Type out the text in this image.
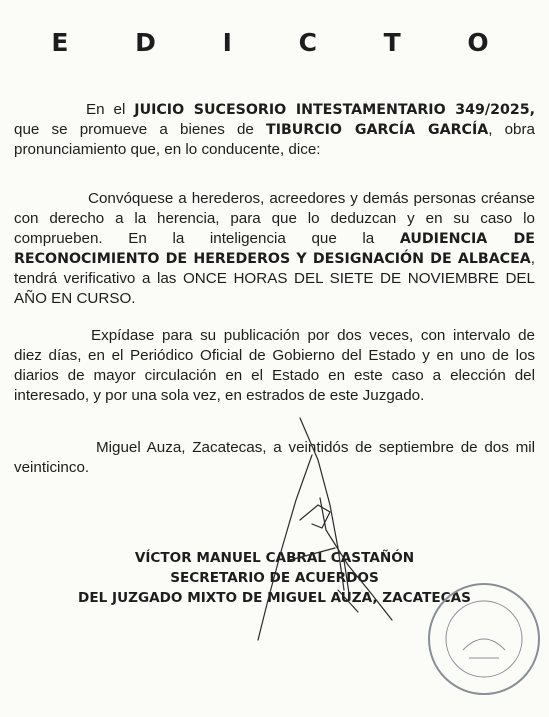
E D I C T O
En el JUICIO SUCESORIO INTESTAMENTARIO 349/2025, que se promueve a bienes de TIBURCIO GARCÍA GARCÍA, obra pronunciamiento que, en lo conducente, dice:
Convóquese a herederos, acreedores y demás personas créanse con derecho a la herencia, para que lo deduzcan y en su caso lo comprueben. En la inteligencia que la AUDIENCIA DE RECONOCIMIENTO DE HEREDEROS Y DESIGNACIÓN DE ALBACEA, tendrá verificativo a las ONCE HORAS DEL SIETE DE NOVIEMBRE DEL AÑO EN CURSO.
Expídase para su publicación por dos veces, con intervalo de diez días, en el Periódico Oficial de Gobierno del Estado y en uno de los diarios de mayor circulación en el Estado en este caso a elección del interesado, y por una sola vez, en estrados de este Juzgado.
Miguel Auza, Zacatecas, a veintidós de septiembre de dos mil veinticinco.
VÍCTOR MANUEL CABRAL CASTAÑÓN
SECRETARIO DE ACUERDOS
DEL JUZGADO MIXTO DE MIGUEL AUZA, ZACATECAS
